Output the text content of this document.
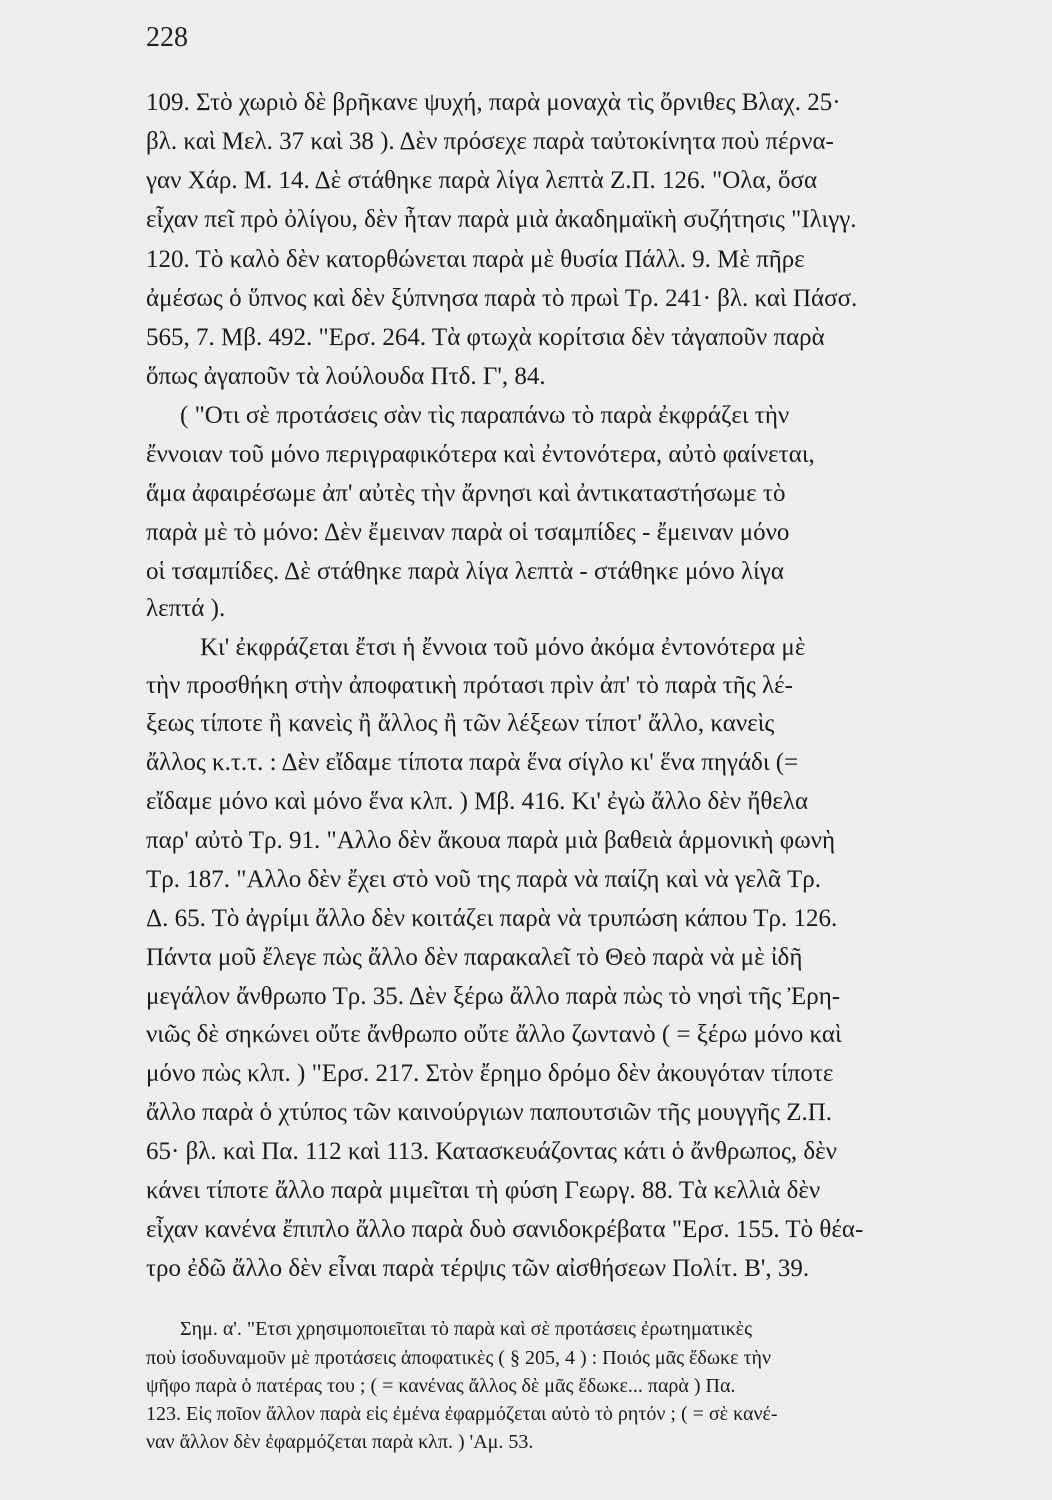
228
109. Στὸ χωριὸ δὲ βρῆκανε ψυχή, παρὰ μοναχὰ τὶς ὄρνιθες Βλαχ. 25·
βλ. καὶ Μελ. 37 καὶ 38 ). Δὲν πρόσεχε παρὰ ταὐτοκίνητα ποὺ πέρνα-
γαν Χάρ. Μ. 14. Δὲ στάθηκε παρὰ λίγα λεπτὰ Ζ.Π. 126. "Ολα, ὅσα
εἶχαν πεῖ πρὸ ὀλίγου, δὲν ἦταν παρὰ μιὰ ἀκαδημαϊκὴ συζήτησις "Ιλιγγ.
120. Τὸ καλὸ δὲν κατορθώνεται παρὰ μὲ θυσία Πάλλ. 9. Μὲ πῆρε
ἀμέσως ὁ ὕπνος καὶ δὲν ξύπνησα παρὰ τὸ πρωὶ Τρ. 241· βλ. καὶ Πάσσ.
565, 7. Μβ. 492. "Ερσ. 264. Τὰ φτωχὰ κορίτσια δὲν τἀγαποῦν παρὰ
ὅπως ἀγαποῦν τὰ λούλουδα Πτδ. Γ', 84.
( "Οτι σὲ προτάσεις σὰν τὶς παραπάνω τὸ παρὰ ἐκφράζει τὴν
ἔννοιαν τοῦ μόνο περιγραφικότερα καὶ ἐντονότερα, αὐτὸ φαίνεται,
ἅμα ἀφαιρέσωμε ἀπ' αὐτὲς τὴν ἄρνησι καὶ ἀντικαταστήσωμε τὸ
παρὰ μὲ τὸ μόνο: Δὲν ἔμειναν παρὰ οἱ τσαμπίδες - ἔμειναν μόνο
οἱ τσαμπίδες. Δὲ στάθηκε παρὰ λίγα λεπτὰ - στάθηκε μόνο λίγα
λεπτά ).
Κι' ἐκφράζεται ἔτσι ἡ ἔννοια τοῦ μόνο ἀκόμα ἐντονότερα μὲ
τὴν προσθήκη στὴν ἀποφατικὴ πρότασι πρὶν ἀπ' τὸ παρὰ τῆς λέ-
ξεως τίποτε ἢ κανεὶς ἢ ἄλλος ἢ τῶν λέξεων τίποτ' ἄλλο, κανεὶς
ἄλλος κ.τ.τ. : Δὲν εἴδαμε τίποτα παρὰ ἕνα σίγλο κι' ἕνα πηγάδι (=
εἴδαμε μόνο καὶ μόνο ἕνα κλπ. ) Μβ. 416. Κι' ἐγὼ ἄλλο δὲν ἤθελα
παρ' αὐτὸ Τρ. 91. "Αλλο δὲν ἄκουα παρὰ μιὰ βαθειὰ ἁρμονικὴ φωνὴ
Τρ. 187. "Αλλο δὲν ἔχει στὸ νοῦ της παρὰ νὰ παίζη καὶ νὰ γελᾶ Τρ.
Δ. 65. Τὸ ἀγρίμι ἄλλο δὲν κοιτάζει παρὰ νὰ τρυπώση κάπου Τρ. 126.
Πάντα μοῦ ἔλεγε πὼς ἄλλο δὲν παρακαλεῖ τὸ Θεὸ παρὰ νὰ μὲ ἰδῆ
μεγάλον ἄνθρωπο Τρ. 35. Δὲν ξέρω ἄλλο παρὰ πὼς τὸ νησὶ τῆς Ἐρη-
νιῶς δὲ σηκώνει οὔτε ἄνθρωπο οὔτε ἄλλο ζωντανὸ ( = ξέρω μόνο καὶ
μόνο πὼς κλπ. ) "Ερσ. 217. Στὸν ἔρημο δρόμο δὲν ἀκουγόταν τίποτε
ἄλλο παρὰ ὁ χτύπος τῶν καινούργιων παπουτσιῶν τῆς μουγγῆς Ζ.Π.
65· βλ. καὶ Πα. 112 καὶ 113. Κατασκευάζοντας κάτι ὁ ἄνθρωπος, δὲν
κάνει τίποτε ἄλλο παρὰ μιμεῖται τὴ φύση Γεωργ. 88. Τὰ κελλιὰ δὲν
εἶχαν κανένα ἔπιπλο ἄλλο παρὰ δυὸ σανιδοκρέβατα "Ερσ. 155. Τὸ θέα-
τρο ἐδῶ ἄλλο δὲν εἶναι παρὰ τέρψις τῶν αἰσθήσεων Πολίτ. Β', 39.
Σημ. α'. "Ετσι χρησιμοποιεῖται τὸ παρὰ καὶ σὲ προτάσεις ἐρωτηματικὲς
ποὺ ἰσοδυναμοῦν μὲ προτάσεις ἀποφατικὲς ( § 205, 4 ) : Ποιός μᾶς ἔδωκε τὴν
ψῆφο παρὰ ὁ πατέρας του ; ( = κανένας ἄλλος δὲ μᾶς ἔδωκε... παρὰ ) Πα.
123. Εἰς ποῖον ἄλλον παρὰ εἰς ἐμένα ἐφαρμόζεται αὐτὸ τὸ ρητόν ; ( = σὲ κανέ-
ναν ἄλλον δὲν ἐφαρμόζεται παρὰ κλπ. ) 'Αμ. 53.
